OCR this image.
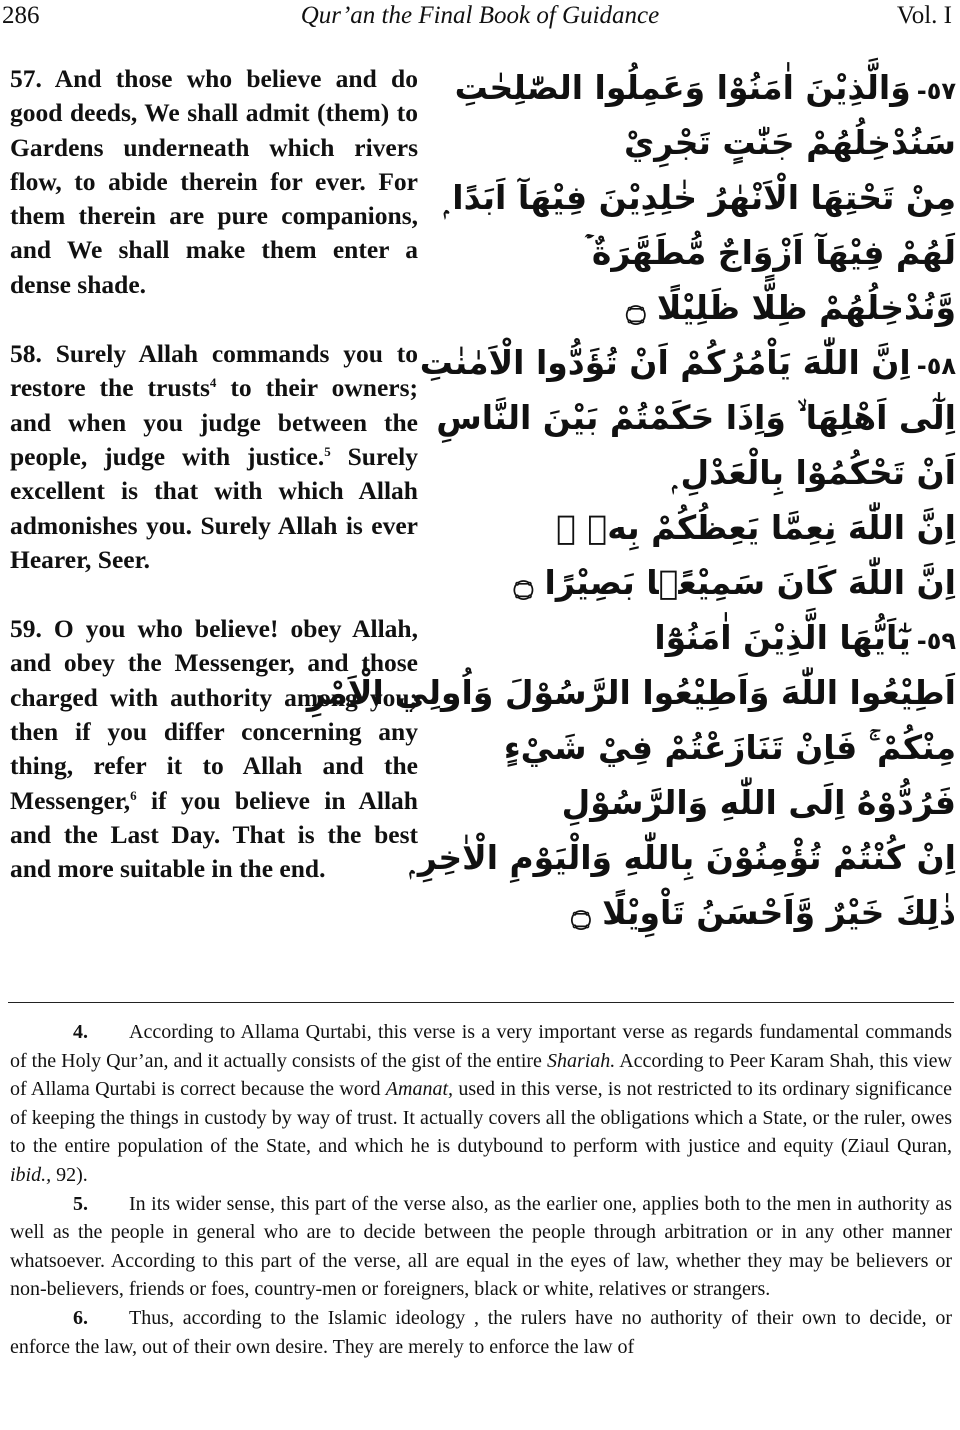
286	Qur’an the Final Book of Guidance	Vol. I

57. And those who believe and do good deeds, We shall admit (them) to Gardens underneath which rivers flow, to abide therein for ever. For them therein are pure companions, and We shall make them enter a dense shade.

58. Surely Allah commands you to restore the trusts$^4$ to their owners; and when you judge between the people, judge with justice.$^5$ Surely excellent is that with which Allah admonishes you. Surely Allah is ever Hearer, Seer.

59. O you who believe! obey Allah, and obey the Messenger, and those charged with authority among you; then if you differ concerning any thing, refer it to Allah and the Messenger,$^6$ if you believe in Allah and the Last Day. That is the best and more suitable in the end.

٥٧-وَالَّذِيْنَ اٰمَنُوْا وَعَمِلُوا الصّٰلِحٰتِ
سَنُدْخِلُهُمْ جَنّٰتٍ تَجْرِيْ
مِنْ تَحْتِهَا الْاَنْهٰرُ خٰلِدِيْنَ فِيْهَآ اَبَدًا ۭ
لَهُمْ فِيْهَآ اَزْوَاجٌ مُّطَهَّرَةٌ ۡ
وَّنُدْخِلُهُمْ ظِلًّا ظَلِيْلًا ۝
٥٨-اِنَّ اللّٰهَ يَاْمُرُكُمْ اَنْ تُؤَدُّوا الْاَمٰنٰتِ
اِلٰٓى اَھْلِهَا ۙ وَاِذَا حَكَمْتُمْ بَيْنَ النَّاسِ
اَنْ تَحْكُمُوْا بِالْعَدْلِ ۭ
اِنَّ اللّٰهَ نِعِمَّا يَعِظُكُمْ بِهٖ ۭ
اِنَّ اللّٰهَ كَانَ سَمِيْعًۢا بَصِيْرًا ۝
٥٩-يٰٓاَيُّهَا الَّذِيْنَ اٰمَنُوْٓا
اَطِيْعُوا اللّٰهَ وَاَطِيْعُوا الرَّسُوْلَ وَاُولِي الْاَمْرِ
مِنْكُمْ ۚ فَاِنْ تَنَازَعْتُمْ فِيْ شَيْءٍ
فَرُدُّوْهُ اِلَى اللّٰهِ وَالرَّسُوْلِ
اِنْ كُنْتُمْ تُؤْمِنُوْنَ بِاللّٰهِ وَالْيَوْمِ الْاٰخِرِ ۭ
ذٰلِكَ خَيْرٌ وَّاَحْسَنُ تَاْوِيْلًا ۝

4. According to Allama Qurtabi, this verse is a very important verse as regards fundamental commands of the Holy Qur’an, and it actually consists of the gist of the entire Shariah. According to Peer Karam Shah, this view of Allama Qurtabi is correct because the word Amanat, used in this verse, is not restricted to its ordinary significance of keeping the things in custody by way of trust. It actually covers all the obligations which a State, or the ruler, owes to the entire population of the State, and which he is dutybound to perform with justice and equity (Ziaul Quran, ibid., 92).

5. In its wider sense, this part of the verse also, as the earlier one, applies both to the men in authority as well as the people in general who are to decide between the people through arbitration or in any other manner whatsoever. According to this part of the verse, all are equal in the eyes of law, whether they may be believers or non-believers, friends or foes, country-men or foreigners, black or white, relatives or strangers.

6. Thus, according to the Islamic ideology , the rulers have no authority of their own to decide, or enforce the law, out of their own desire. They are merely to enforce the law of
